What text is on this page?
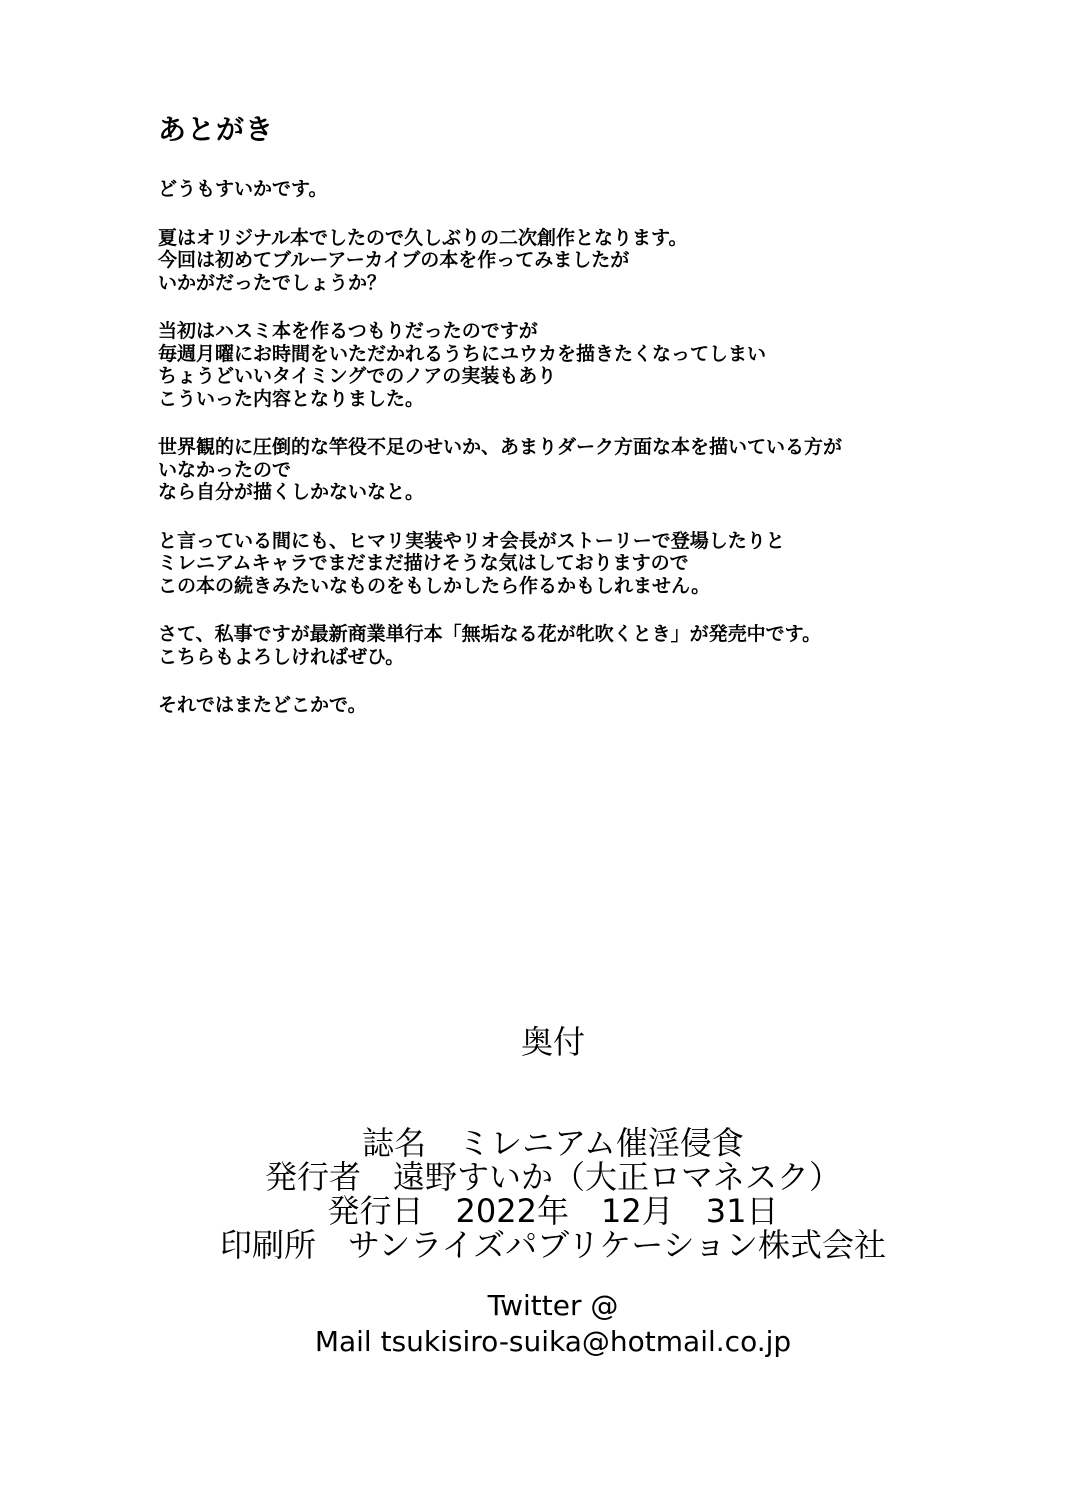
あとがき
どうもすいかです。
夏はオリジナル本でしたので久しぶりの二次創作となります。
今回は初めてブルーアーカイブの本を作ってみましたが
いかがだったでしょうか？
当初はハスミ本を作るつもりだったのですが
毎週月曜にお時間をいただかれるうちにユウカを描きたくなってしまい
ちょうどいいタイミングでのノアの実装もあり
こういった内容となりました。
世界観的に圧倒的な竿役不足のせいか、あまりダーク方面な本を描いている方が
いなかったので
なら自分が描くしかないなと。
と言っている間にも、ヒマリ実装やリオ会長がストーリーで登場したりと
ミレニアムキャラでまだまだ描けそうな気はしておりますので
この本の続きみたいなものをもしかしたら作るかもしれません。
さて、私事ですが最新商業単行本「無垢なる花が牝吹くとき」が発売中です。
こちらもよろしければぜひ。
それではまたどこかで。
奥付
誌名　ミレニアム催淫侵食
発行者　遠野すいか（大正ロマネスク）
発行日　2022年　12月　31日
印刷所　サンライズパブリケーション株式会社
Twitter @
Mail tsukisiro-suika@hotmail.co.jp
